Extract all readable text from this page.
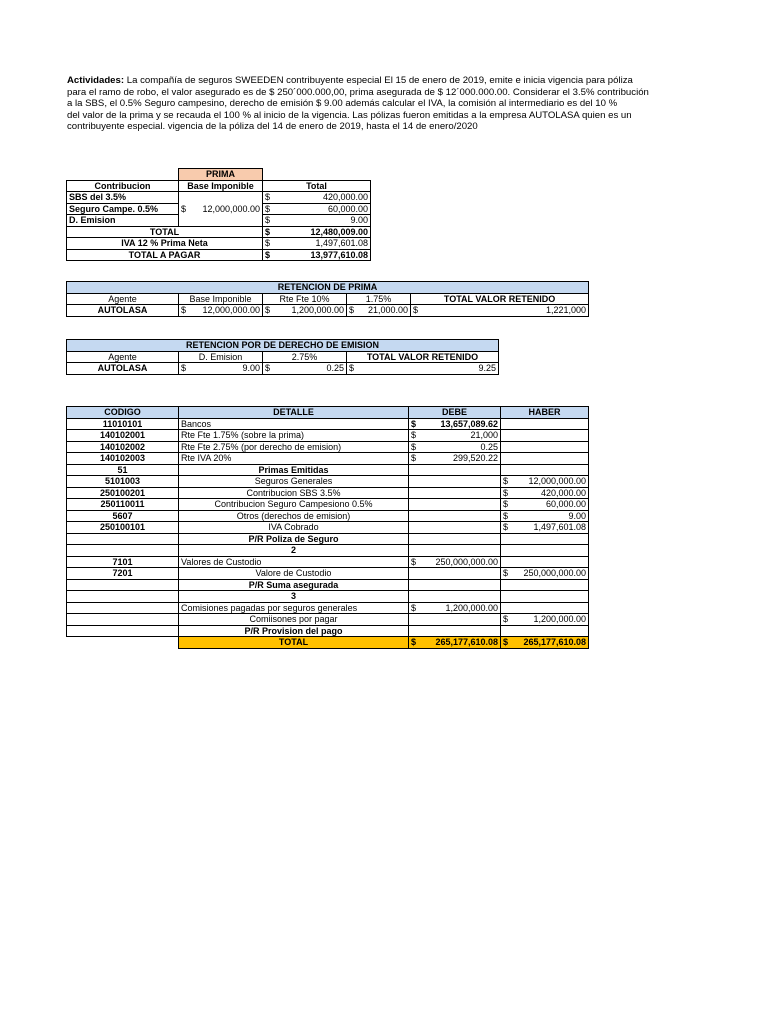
Actividades: La compañía de seguros SWEEDEN contribuyente especial El 15 de enero de 2019, emite e inicia vigencia para póliza
para el ramo de robo, el valor asegurado es de $ 250´000.000,00, prima asegurada de $ 12´000.000.00. Considerar el 3.5% contribución
a la SBS, el 0.5% Seguro campesino, derecho de emisión $ 9.00 además calcular el IVA, la comisión al intermediario es del 10 %
del valor de la prima y se recauda el 100 % al inicio de la vigencia. Las pólizas fueron emitidas a la empresa AUTOLASA quien es un
contribuyente especial. vigencia de la póliza del 14 de enero de 2019, hasta el 14 de enero/2020
	PRIMA	
Contribucion	Base Imponible	Total
SBS del 3.5%	$ 12,000,000.00	$ 420,000.00

Seguro Campe. 0.5%		$ 60,000.00

D. Emision		$ 9.00

TOTAL		$ 12,480,009.00

IVA 12 % Prima Neta		$ 1,497,601.08

TOTAL A PAGAR		$ 13,977,610.08
RETENCION DE PRIMA				
Agente	Base Imponible	Rte Fte 10%	1.75%	TOTAL VALOR RETENIDO
AUTOLASA	$ 12,000,000.00	$ 1,200,000.00	$ 21,000.00	$ 1,221,000
RETENCION POR DE DERECHO DE EMISION			
Agente	D. Emision	2.75%	TOTAL VALOR RETENIDO
AUTOLASA	$ 9.00	$ 0.25	$ 9.25
CODIGO	DETALLE	DEBE	HABER
11010101	Bancos	$ 13,657,089.62	

140102001	Rte Fte 1.75% (sobre la prima)	$ 21,000	

140102002	Rte Fte 2.75% (por derecho de emision)	$ 0.25	

140102003	Rte IVA 20%	$ 299,520.22	

51	Primas Emitidas		
5101003	Seguros Generales		$ 12,000,000.00

250100201	Contribucion SBS 3.5%		$ 420,000.00

250110011	Contribucion Seguro Campesiono 0.5%		$ 60,000.00

5607	Otros (derechos de emision)		$ 9.00

250100101	IVA Cobrado		$ 1,497,601.08

	P/R Poliza de Seguro		
	2		
7101	Valores de Custodio	$ 250,000,000.00	

7201	Valore de Custodio		$ 250,000,000.00

	P/R Suma asegurada		
	3		
	Comisiones pagadas por seguros generales	$ 1,200,000.00	

	Comiisones por pagar		$ 1,200,000.00

	P/R Provision del pago		
	TOTAL	$ 265,177,610.08	$ 265,177,610.08
